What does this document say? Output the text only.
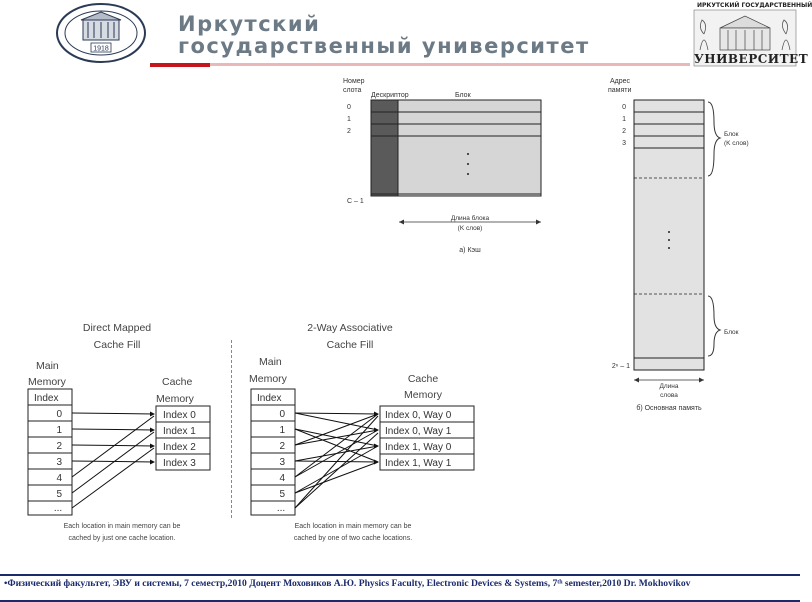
1918
Иркутский
государственный университет
ИРКУТСКИЙ ГОСУДАРСТВЕННЫЙ
УНИВЕРСИТЕТ
Номер
слота
Дескриптор	Блок
0
1
2
C – 1
Длина блока
(K слов)
а) Кэш
Адрес
памяти
0
1
2
3
2ⁿ – 1
Блок
(K слов)
Блок
Длина
слова
б) Основная память
Direct Mapped
Cache Fill
Main
Memory	Cache
Memory
Index
0
1
2
3
4
5
...
Index 0
Index 1
Index 2
Index 3
Each location in main memory can be
cached by just one cache location.
2-Way Associative
Cache Fill
Main
Memory	Cache
Memory
Index
0
1
2
3
4
5
...
Index 0, Way 0
Index 0, Way 1
Index 1, Way 0
Index 1, Way 1
Each location in main memory can be
cached by one of two cache locations.
•Физический факультет, ЭВУ и системы, 7 семестр,2010 Доцент Моховиков А.Ю. Physics Faculty, Electronic Devices & Systems, 7ᵗʰ semester,2010 Dr. Mokhovikov
